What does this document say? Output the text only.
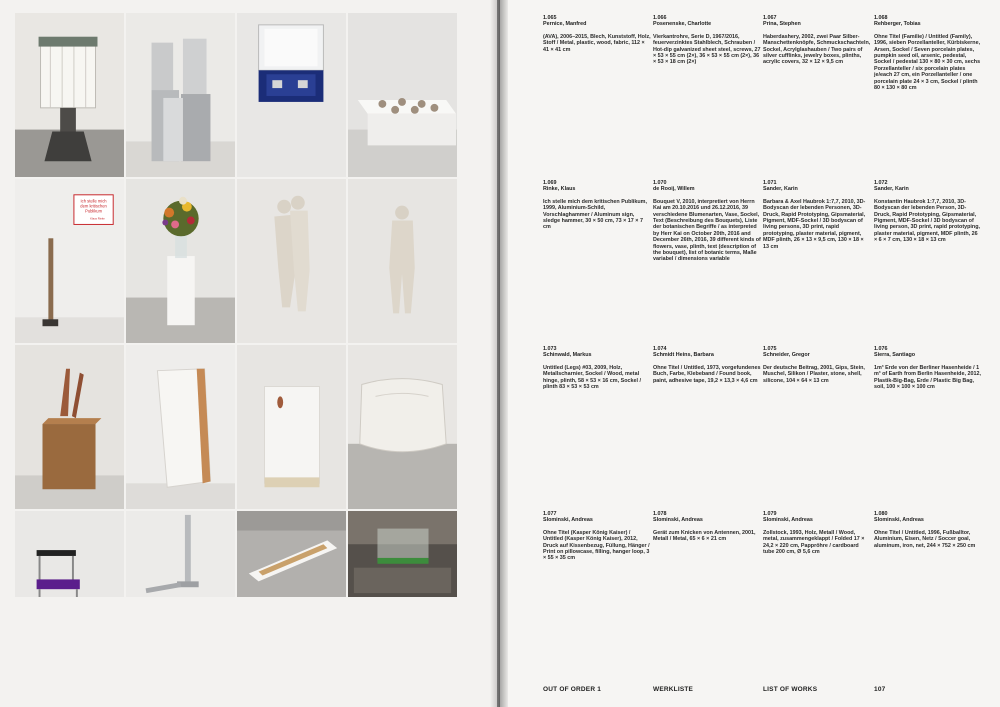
Ich stelle mich
dem kritischen
Publikum
Klaus Rinke
1.065
Pernice, Manfred
(AVA), 2006–2015, Blech, Kunststoff, Holz, Stoff / Metal, plastic, wood, fabric, 112 × 41 × 41 cm
1.066
Posenenske, Charlotte
Vierkantrohre, Serie D, 1967/2016, feuerverzinktes Stahlblech, Schrauben / Hot-dip galvanized sheet steel, screws, 27 × 53 × 55 cm (2×), 36 × 53 × 55 cm (2×), 36 × 53 × 18 cm (2×)
1.067
Prina, Stephen
Haberdashery, 2002, zwei Paar Silber-Manschettenknöpfe, Schmuckschachteln, Sockel, Acrylglashauben / Two pairs of silver cufflinks, jewelry boxes, plinths, acrylic covers, 32 × 12 × 9,5 cm
1.068
Rehberger, Tobias
Ohne Titel (Familie) / Untitled (Family), 1996, sieben Porzellanteller, Kürbiskerne, Arsen, Sockel / Seven porcelain plates, pumpkin seed oil, arsenic, pedestal, Sockel / pedestal 130 × 80 × 30 cm, sechs Porzellanteller / six porcelain plates je/each 27 cm, ein Porzellanteller / one porcelain plate 24 × 3 cm, Sockel / plinth 80 × 130 × 80 cm
1.069
Rinke, Klaus
Ich stelle mich dem kritischen Publikum, 1999, Aluminium-Schild, Vorschlaghammer / Aluminum sign, sledge hammer, 30 × 50 cm, 73 × 17 × 7 cm
1.070
de Rooij, Willem
Bouquet V, 2010, interpretiert von Herrn Kai am 20.10.2016 und 26.12.2016, 39 verschiedene Blumenarten, Vase, Sockel, Text (Beschreibung des Bouquets), Liste der botanischen Begriffe / as interpreted by Herr Kai on October 20th, 2016 and December 26th, 2016, 39 different kinds of flowers, vase, plinth, text (description of the bouquet), list of botanic terms, Maße variabel / dimensions variable
1.071
Sander, Karin
Barbara & Axel Haubrok 1:7,7, 2010, 3D-Bodyscan der lebenden Personen, 3D-Druck, Rapid Prototyping, Gipsmaterial, Pigment, MDF-Sockel / 3D bodyscan of living persons, 3D print, rapid prototyping, plaster material, pigment, MDF plinth, 26 × 13 × 9,5 cm, 130 × 18 × 13 cm
1.072
Sander, Karin
Konstantin Haubrok 1:7,7, 2010, 3D-Bodyscan der lebenden Person, 3D-Druck, Rapid Prototyping, Gipsmaterial, Pigment, MDF-Sockel / 3D bodyscan of living person, 3D print, rapid prototyping, plaster material, pigment, MDF plinth, 26 × 6 × 7 cm, 130 × 18 × 13 cm
1.073
Schinwald, Markus
Untitled (Legs) #03, 2009, Holz, Metallscharnier, Sockel / Wood, metal hinge, plinth, 58 × 53 × 16 cm, Sockel / plinth 83 × 53 × 53 cm
1.074
Schmidt Heins, Barbara
Ohne Titel / Untitled, 1973, vorgefundenes Buch, Farbe, Klebeband / Found book, paint, adhesive tape, 19,2 × 13,3 × 4,6 cm
1.075
Schneider, Gregor
Der deutsche Beitrag, 2001, Gips, Stein, Muschel, Silikon / Plaster, stone, shell, silicone, 104 × 64 × 13 cm
1.076
Sierra, Santiago
1m³ Erde von der Berliner Hasenheide / 1 m³ of Earth from Berlin Hasenheide, 2012, Plastik-Big-Bag, Erde / Plastic Big Bag, soil, 100 × 100 × 100 cm
1.077
Slominski, Andreas
Ohne Titel (Kasper König Kaiser) / Untitled (Kasper König Kaiser), 2012, Druck auf Kissenbezug, Füllung, Hänger / Print on pillowcase, filling, hanger loop, 3 × 55 × 35 cm
1.078
Slominski, Andreas
Gerät zum Knicken von Antennen, 2001, Metall / Metal, 65 × 6 × 21 cm
1.079
Slominski, Andreas
Zollstock, 1993, Holz, Metall / Wood, metal, zusammengeklappt / Folded 17 × 24,2 × 220 cm, Pappröhre / cardboard tube 200 cm, Ø 5,6 cm
1.080
Slominski, Andreas
Ohne Titel / Untitled, 1996, Fußballtor, Aluminium, Eisen, Netz / Soccer goal, aluminum, iron, net, 244 × 752 × 250 cm
OUT OF ORDER 1	WERKLISTE	LIST OF WORKS	107
